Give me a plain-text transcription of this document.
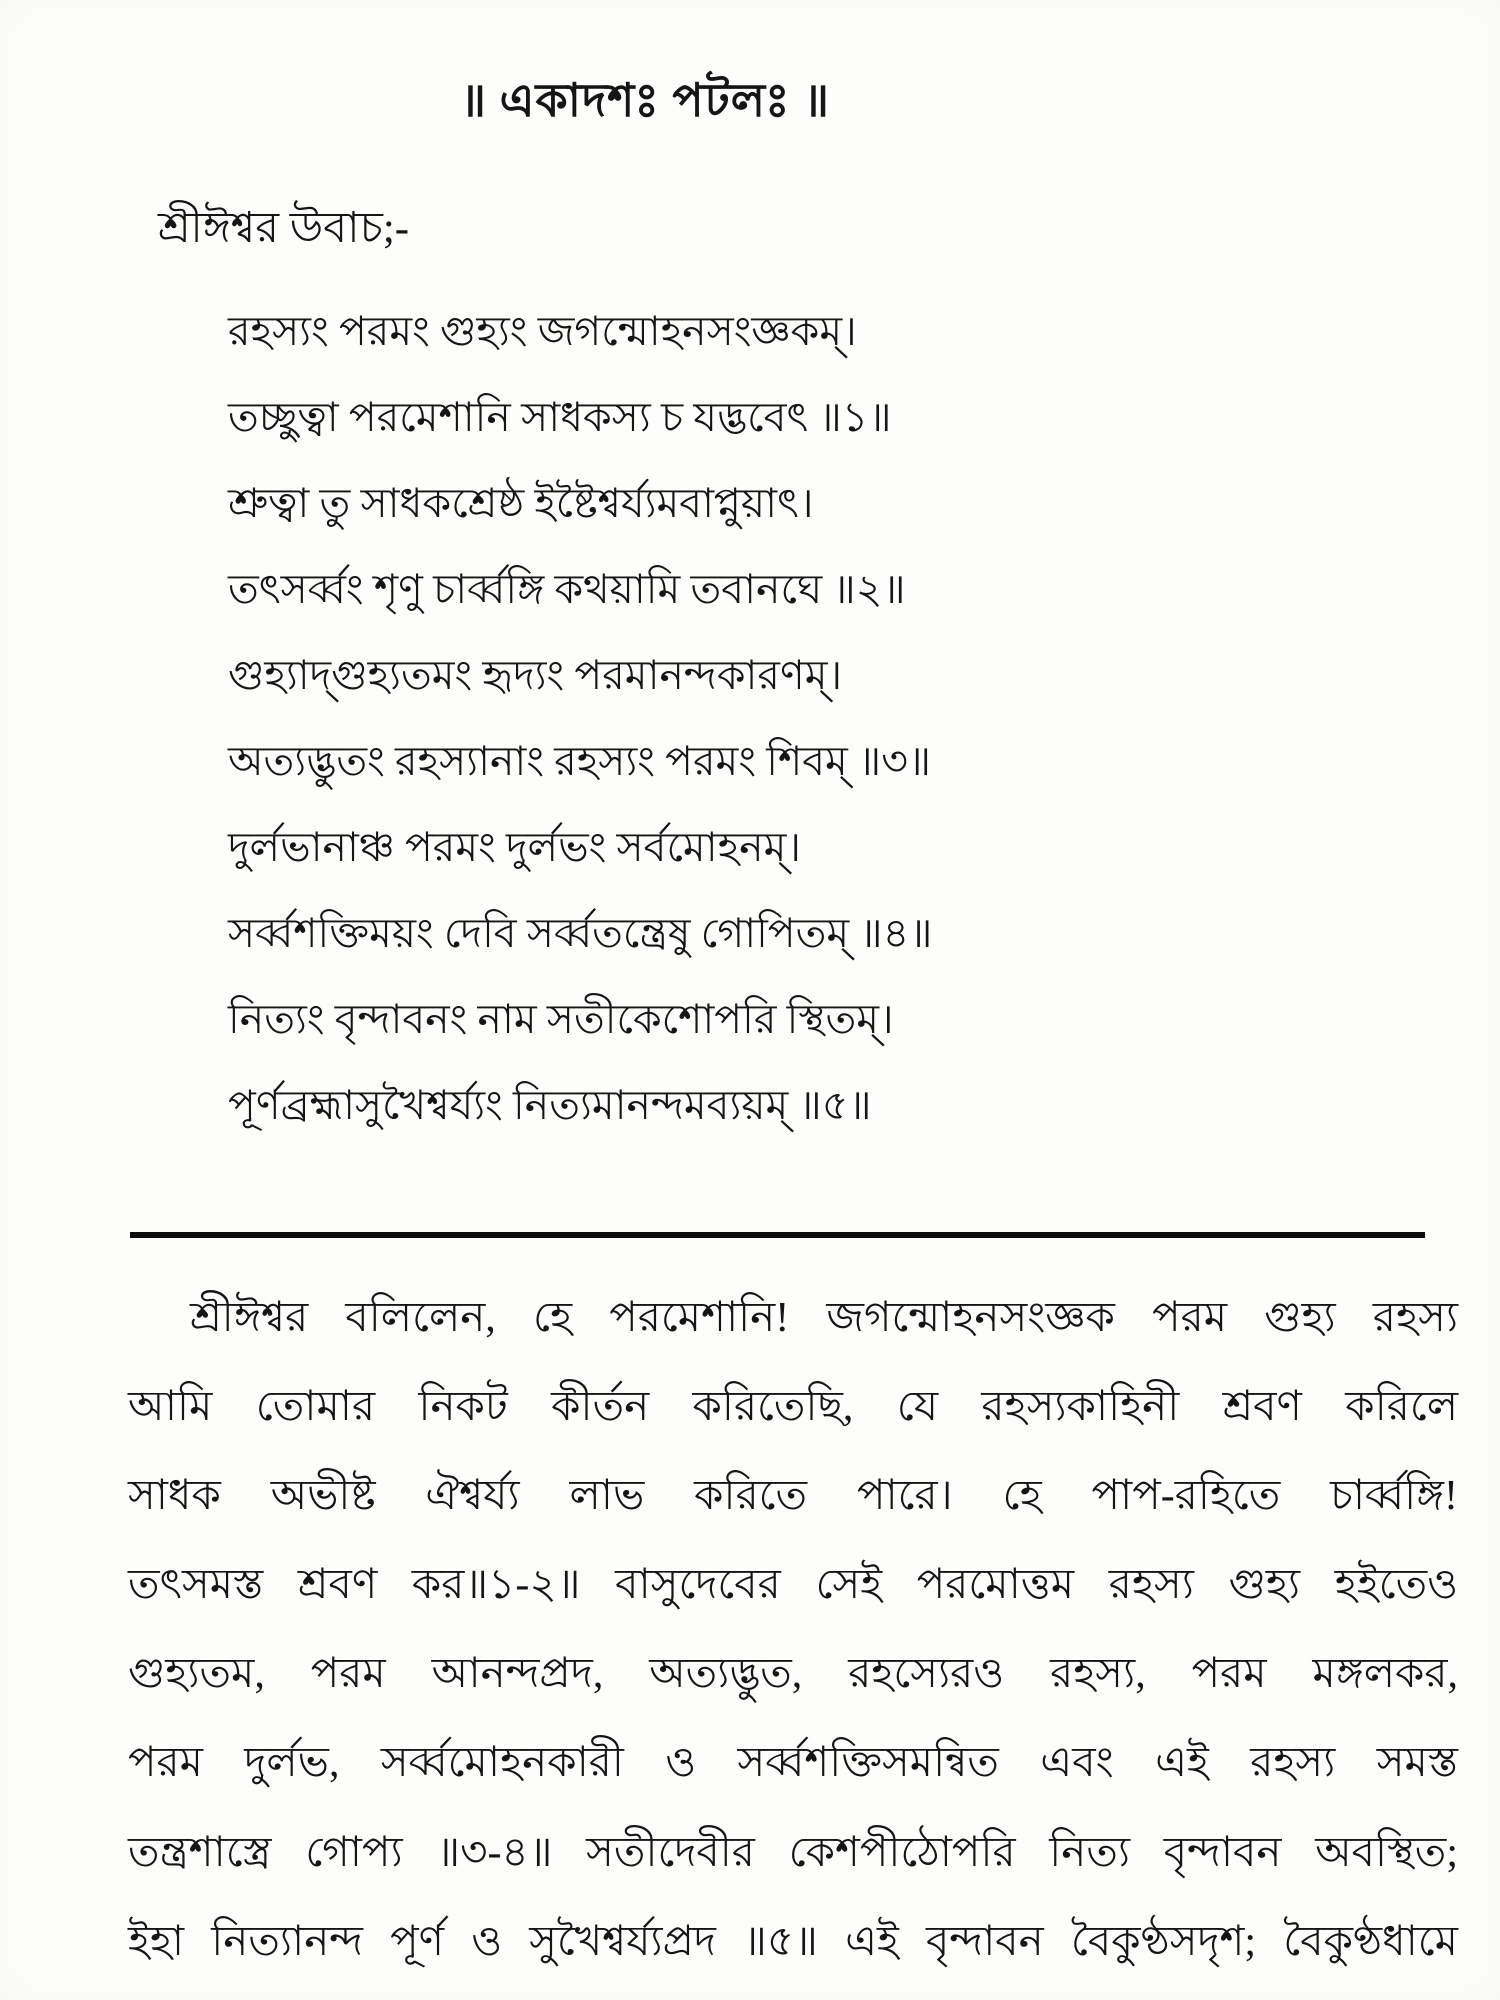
॥ একাদশঃ পটলঃ ॥
শ্রীঈশ্বর উবাচ;-
রহস্যং পরমং গুহ্যং জগন্মোহনসংজ্ঞকম্।
তচ্ছুত্বা পরমেশানি সাধকস্য চ যদ্ভবেৎ ॥১॥
শ্রুত্বা তু সাধকশ্রেষ্ঠ ইষ্টৈশ্বর্য্যমবাপ্নুয়াৎ।
তৎসর্ব্বং শৃণু চার্ব্বঙ্গি কথয়ামি তবানঘে ॥২॥
গুহ্যাদ্‌গুহ্যতমং হৃদ্যং পরমানন্দকারণম্।
অত্যদ্ভুতং রহস্যানাং রহস্যং পরমং শিবম্ ॥৩॥
দুর্লভানাঞ্চ পরমং দুর্লভং সর্বমোহনম্।
সর্ব্বশক্তিময়ং দেবি সর্ব্বতন্ত্রেষু গোপিতম্ ॥৪॥
নিত্যং বৃন্দাবনং নাম সতীকেশোপরি স্থিতম্।
পূর্ণব্রহ্মাসুখৈশ্বর্য্যং নিত্যমানন্দমব্যয়ম্ ॥৫॥
শ্রীঈশ্বর বলিলেন, হে পরমেশানি! জগন্মোহনসংজ্ঞক পরম গুহ্য রহস্য
আমি তোমার নিকট কীর্তন করিতেছি, যে রহস্যকাহিনী শ্রবণ করিলে
সাধক অভীষ্ট ঐশ্বর্য্য লাভ করিতে পারে। হে পাপ-রহিতে চার্ব্বঙ্গি!
তৎসমস্ত শ্রবণ কর॥১-২॥ বাসুদেবের সেই পরমোত্তম রহস্য গুহ্য হইতেও
গুহ্যতম, পরম আনন্দপ্রদ, অত্যদ্ভুত, রহস্যেরও রহস্য, পরম মঙ্গলকর,
পরম দুর্লভ, সর্ব্বমোহনকারী ও সর্ব্বশক্তিসমন্বিত এবং এই রহস্য সমস্ত
তন্ত্রশাস্ত্রে গোপ্য ॥৩-৪॥ সতীদেবীর কেশপীঠোপরি নিত্য বৃন্দাবন অবস্থিত;
ইহা নিত্যানন্দ পূর্ণ ও সুখৈশ্বর্য্যপ্রদ ॥৫॥ এই বৃন্দাবন বৈকুণ্ঠসদৃশ; বৈকুণ্ঠধামে
